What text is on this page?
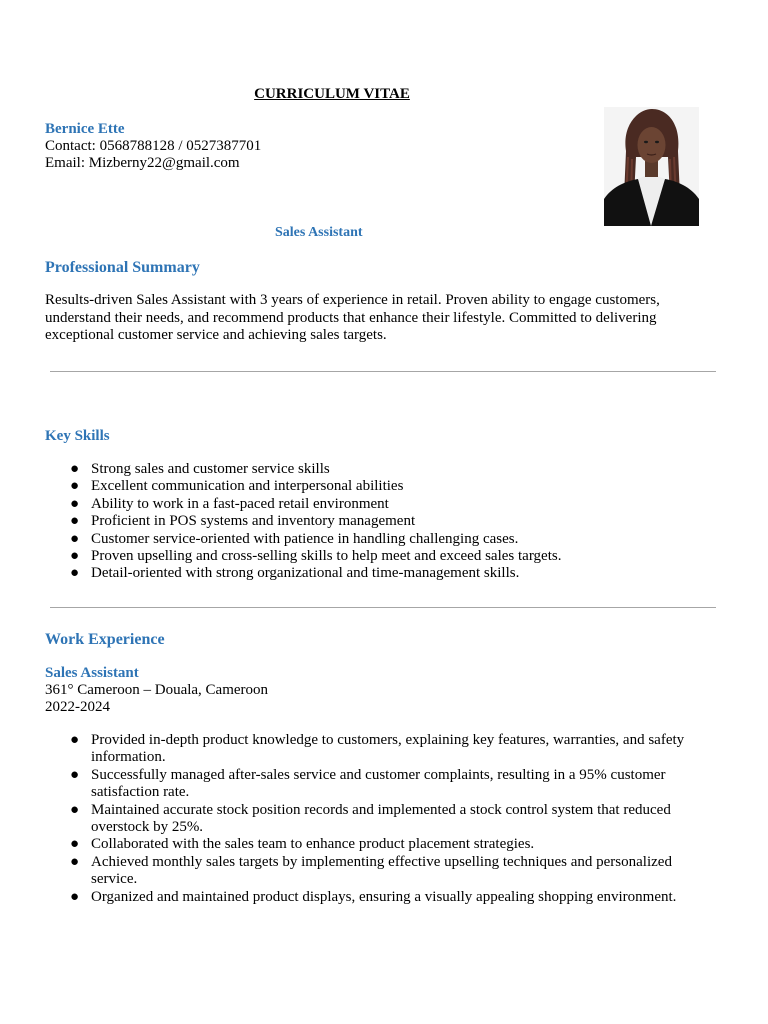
CURRICULUM VITAE
Bernice Ette
Contact: 0568788128 / 0527387701
Email: Mizberny22@gmail.com
Sales Assistant
Professional Summary
Results-driven Sales Assistant with 3 years of experience in retail. Proven ability to engage customers, understand their needs, and recommend products that enhance their lifestyle. Committed to delivering exceptional customer service and achieving sales targets.
Key Skills
● Strong sales and customer service skills
● Excellent communication and interpersonal abilities
● Ability to work in a fast-paced retail environment
● Proficient in POS systems and inventory management
● Customer service-oriented with patience in handling challenging cases.
● Proven upselling and cross-selling skills to help meet and exceed sales targets.
● Detail-oriented with strong organizational and time-management skills.
Work Experience
Sales Assistant
361° Cameroon – Douala, Cameroon
2022-2024
● Provided in-depth product knowledge to customers, explaining key features, warranties, and safety information.
● Successfully managed after-sales service and customer complaints, resulting in a 95% customer satisfaction rate.
● Maintained accurate stock position records and implemented a stock control system that reduced overstock by 25%.
● Collaborated with the sales team to enhance product placement strategies.
● Achieved monthly sales targets by implementing effective upselling techniques and personalized service.
● Organized and maintained product displays, ensuring a visually appealing shopping environment.
